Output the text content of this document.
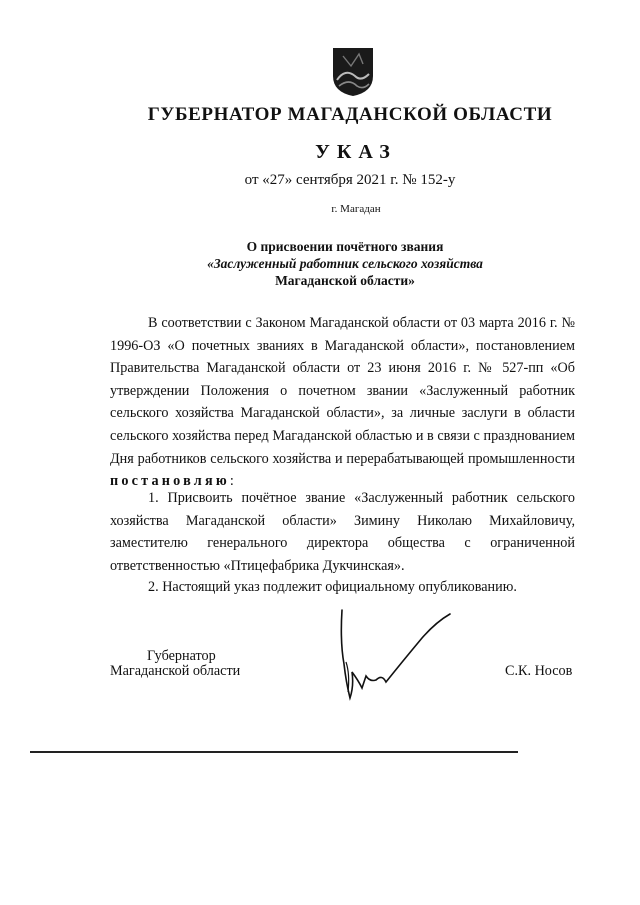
ГУБЕРНАТОР МАГАДАНСКОЙ ОБЛАСТИ
УКАЗ
от «27» сентября 2021 г. № 152-у
г. Магадан
О присвоении почётного звания
«Заслуженный работник сельского хозяйства
Магаданской области»

В соответствии с Законом Магаданской области от 03 марта 2016 г. № 1996-ОЗ «О почетных званиях в Магаданской области», постановлением Правительства Магаданской области от 23 июня 2016 г. № 527-пп «Об утверждении Положения о почетном звании «Заслуженный работник сельского хозяйства Магаданской области», за личные заслуги в области сельского хозяйства перед Магаданской областью и в связи с празднованием Дня работников сельского хозяйства и перерабатывающей промышленности постановляю:

1. Присвоить почётное звание «Заслуженный работник сельского хозяйства Магаданской области» Зимину Николаю Михайловичу, заместителю генерального директора общества с ограниченной ответственностью «Птицефабрика Дукчинская».

2. Настоящий указ подлежит официальному опубликованию.

Губернатор
Магаданской области	С.К. Носов
